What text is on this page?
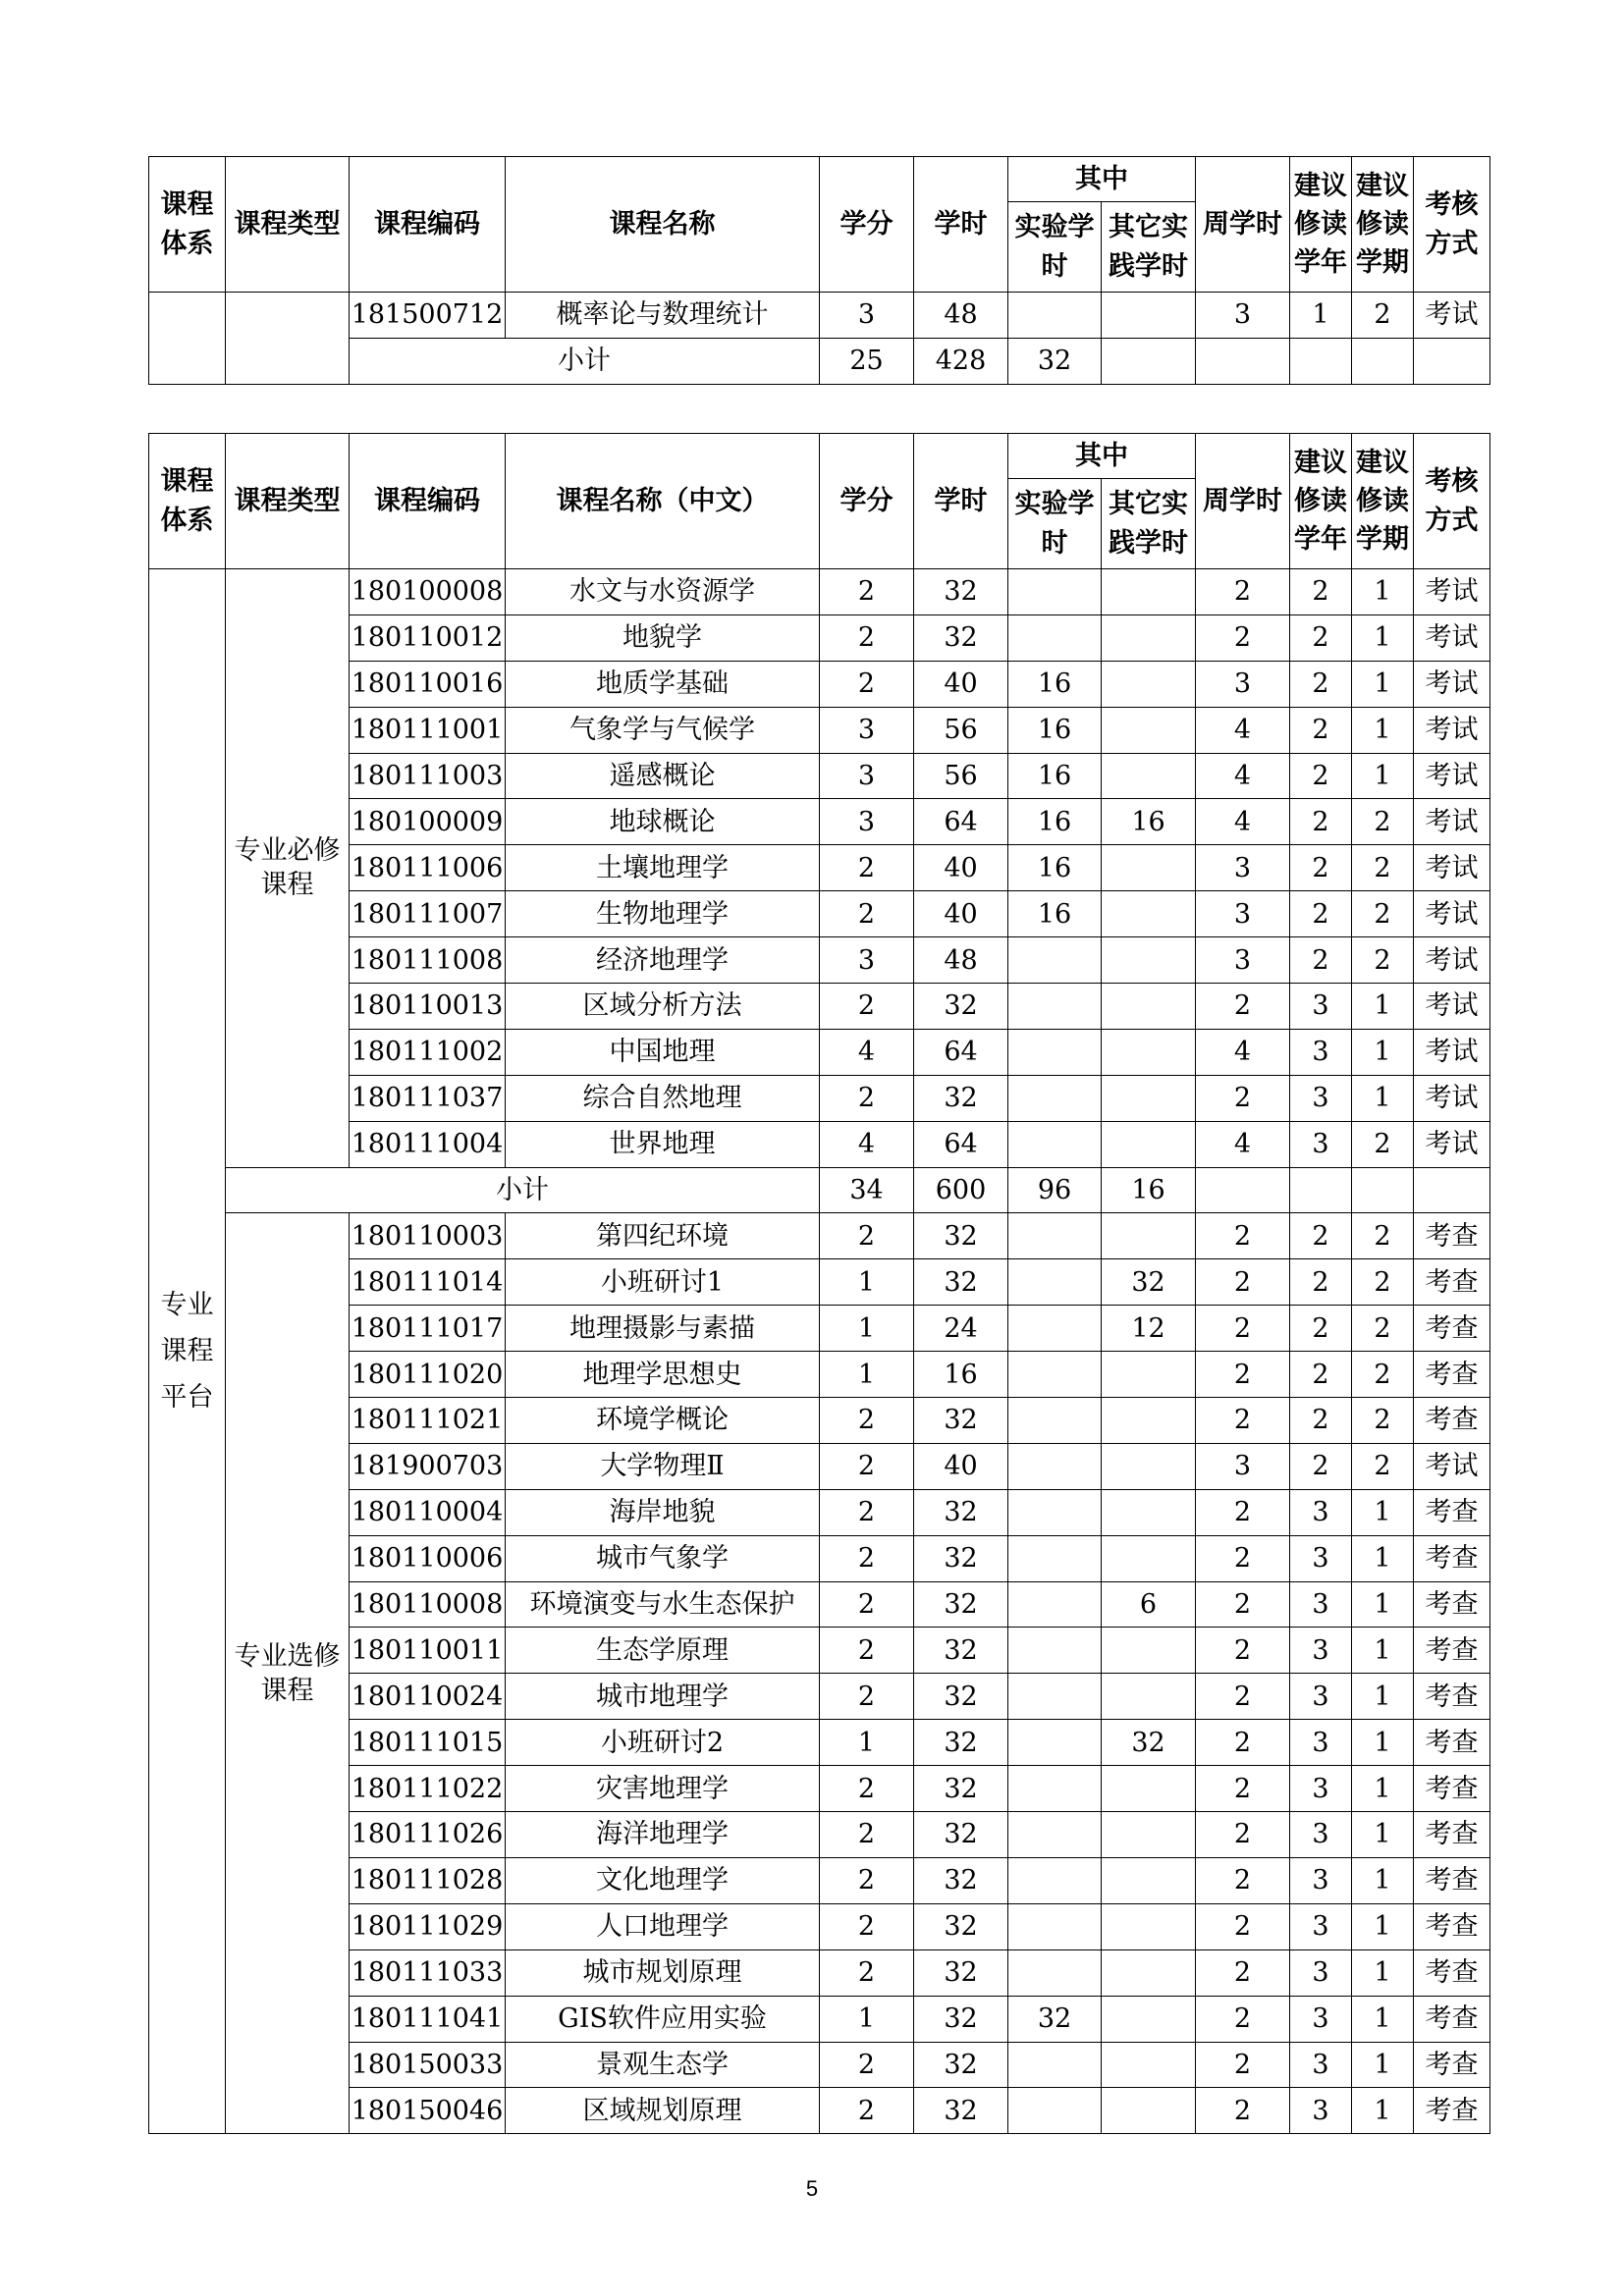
课程体系	课程类型	课程编码	课程名称	学分	学时	其中		周学时	建议修读学年	建议修读学期	考核方式
						实验学时	其它实践学时				
		181500712	概率论与数理统计	3	48			3	1	2	考试
		小计		25	428	32					
课程体系	课程类型	课程编码	课程名称（中文）	学分	学时	其中		周学时	建议修读学年	建议修读学期	考核方式
						实验学时	其它实践学时				
专业课程平台	专业必修课程	180100008	水文与水资源学	2	32			2	2	1	考试
		180110012	地貌学	2	32			2	2	1	考试
		180110016	地质学基础	2	40	16		3	2	1	考试
		180111001	气象学与气候学	3	56	16		4	2	1	考试
		180111003	遥感概论	3	56	16		4	2	1	考试
		180100009	地球概论	3	64	16	16	4	2	2	考试
		180111006	土壤地理学	2	40	16		3	2	2	考试
		180111007	生物地理学	2	40	16		3	2	2	考试
		180111008	经济地理学	3	48			3	2	2	考试
		180110013	区域分析方法	2	32			2	3	1	考试
		180111002	中国地理	4	64			4	3	1	考试
		180111037	综合自然地理	2	32			2	3	1	考试
		180111004	世界地理	4	64			4	3	2	考试
	小计			34	600	96	16				
	专业选修课程	180110003	第四纪环境	2	32			2	2	2	考查
		180111014	小班研讨1	1	32		32	2	2	2	考查
		180111017	地理摄影与素描	1	24		12	2	2	2	考查
		180111020	地理学思想史	1	16			2	2	2	考查
		180111021	环境学概论	2	32			2	2	2	考查
		181900703	大学物理Ⅱ	2	40			3	2	2	考试
		180110004	海岸地貌	2	32			2	3	1	考查
		180110006	城市气象学	2	32			2	3	1	考查
		180110008	环境演变与水生态保护	2	32		6	2	3	1	考查
		180110011	生态学原理	2	32			2	3	1	考查
		180110024	城市地理学	2	32			2	3	1	考查
		180111015	小班研讨2	1	32		32	2	3	1	考查
		180111022	灾害地理学	2	32			2	3	1	考查
		180111026	海洋地理学	2	32			2	3	1	考查
		180111028	文化地理学	2	32			2	3	1	考查
		180111029	人口地理学	2	32			2	3	1	考查
		180111033	城市规划原理	2	32			2	3	1	考查
		180111041	GIS软件应用实验	1	32	32		2	3	1	考查
		180150033	景观生态学	2	32			2	3	1	考查
		180150046	区域规划原理	2	32			2	3	1	考查
5
